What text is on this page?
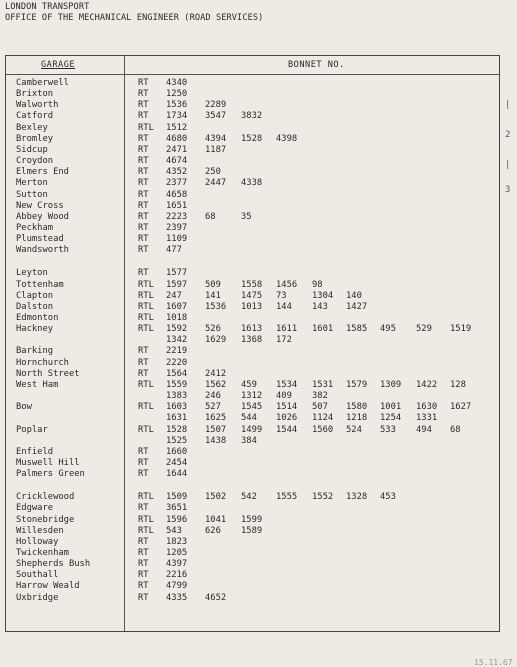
LONDON TRANSPORT
OFFICE OF THE MECHANICAL ENGINEER (ROAD SERVICES)
GARAGE	BONNET NO.
Camberwell	RT 4340
Brixton	RT 1250
Walworth	RT 1536 2289
Catford	RT 1734 3547 3832
Bexley	RTL 1512
Bromley	RT 4680 4394 1528 4398
Sidcup	RT 2471 1187
Croydon	RT 4674
Elmers End	RT 4352 250
Merton	RT 2377 2447 4338
Sutton	RT 4658
New Cross	RT 1651
Abbey Wood	RT 2223 68	35
Peckham	RT 2397
Plumstead	RT 1109
Wandsworth	RT 477
Leyton	RT 1577
Tottenham	RTL 1597 509 1558 1456 98
Clapton	RTL 247	141 1475 73	1304 140
Dalston	RTL 1607 1536 1013 144 143 1427
Edmonton	RTL 1018
Hackney	RTL 1592 526 1613 1611 1601 1585 495 529 1519
1342 1629 1368 172
Barking	RT 2219
Hornchurch	RT 2220
North Street	RT 1564 2412
West Ham	RTL 1559 1562 459 1534 1531 1579 1309 1422 128
1383 246 1312 409 382
Bow	RTL 1603 527 1545 1514 507 1580 1001 1630 1627
1631 1625 544 1026 1124 1218 1254 1331
Poplar	RTL 1528 1507 1499 1544 1560 524 533 494 68
1525 1438 384
Enfield	RT 1660
Muswell Hill	RT 2454
Palmers Green	RT 1644
Cricklewood	RTL 1509 1502 542 1555 1552 1328 453
Edgware	RT 3651
Stonebridge	RTL 1596 1041 1599
Willesden	RTL 543	626 1589
Holloway	RT 1823
Twickenham	RT 1205
Shepherds Bush	RT 4397
Southall	RT 2216
Harrow Weald	RT 4799
Uxbridge	RT 4335 4652
15.11.67
|
2
|
3
